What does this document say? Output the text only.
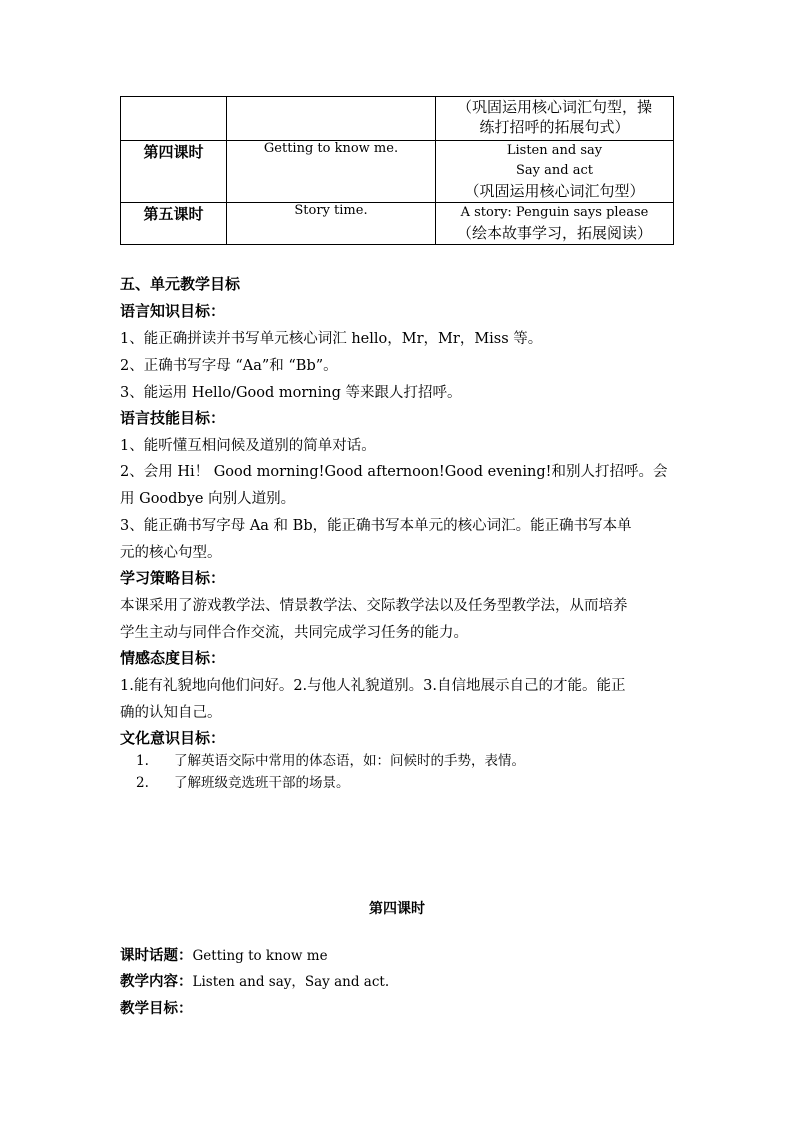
		（巩固运用核心词汇句型，操
练打招呼的拓展句式）

第四课时	Getting to know me.	Listen and say
Say and act
（巩固运用核心词汇句型）

第五课时	Story time.	A story: Penguin says please
（绘本故事学习，拓展阅读）
五、单元教学目标
语言知识目标：
1、能正确拼读并书写单元核心词汇 hello，Mr，Mr，Miss 等。
2、正确书写字母 “Aa”和 “Bb”。
3、能运用 Hello/Good morning 等来跟人打招呼。
语言技能目标：
1、能听懂互相问候及道别的简单对话。
2、会用 Hi！ Good morning!Good afternoon!Good evening!和别人打招呼。会
用 Goodbye 向别人道别。
3、能正确书写字母 Aa 和 Bb，能正确书写本单元的核心词汇。能正确书写本单
元的核心句型。
学习策略目标：
本课采用了游戏教学法、情景教学法、交际教学法以及任务型教学法，从而培养
学生主动与同伴合作交流，共同完成学习任务的能力。
情感态度目标：
1.能有礼貌地向他们问好。2.与他人礼貌道别。3.自信地展示自己的才能。能正
确的认知自己。
文化意识目标：
1. 了解英语交际中常用的体态语，如：问候时的手势，表情。
2. 了解班级竞选班干部的场景。
第四课时
课时话题：Getting to know me
教学内容：Listen and say，Say and act.
教学目标：
